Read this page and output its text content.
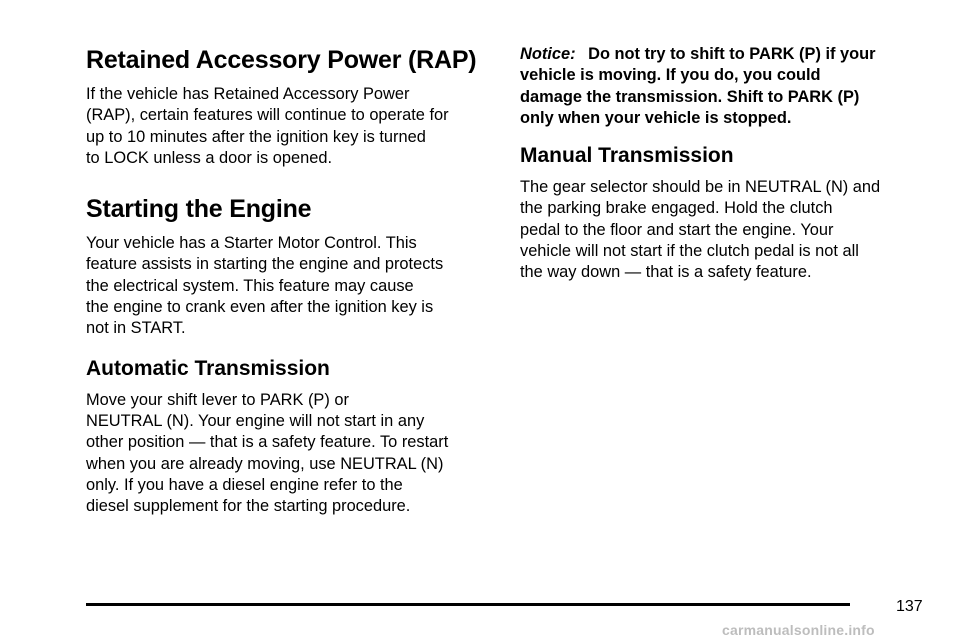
Retained Accessory Power (RAP)

If the vehicle has Retained Accessory Power
(RAP), certain features will continue to operate for
up to 10 minutes after the ignition key is turned
to LOCK unless a door is opened.

Starting the Engine

Your vehicle has a Starter Motor Control. This
feature assists in starting the engine and protects
the electrical system. This feature may cause
the engine to crank even after the ignition key is
not in START.

Automatic Transmission

Move your shift lever to PARK (P) or
NEUTRAL (N). Your engine will not start in any
other position — that is a safety feature. To restart
when you are already moving, use NEUTRAL (N)
only. If you have a diesel engine refer to the
diesel supplement for the starting procedure.

Notice: Do not try to shift to PARK (P) if your
vehicle is moving. If you do, you could
damage the transmission. Shift to PARK (P)
only when your vehicle is stopped.

Manual Transmission

The gear selector should be in NEUTRAL (N) and
the parking brake engaged. Hold the clutch
pedal to the floor and start the engine. Your
vehicle will not start if the clutch pedal is not all
the way down — that is a safety feature.

137
carmanualsonline.info
